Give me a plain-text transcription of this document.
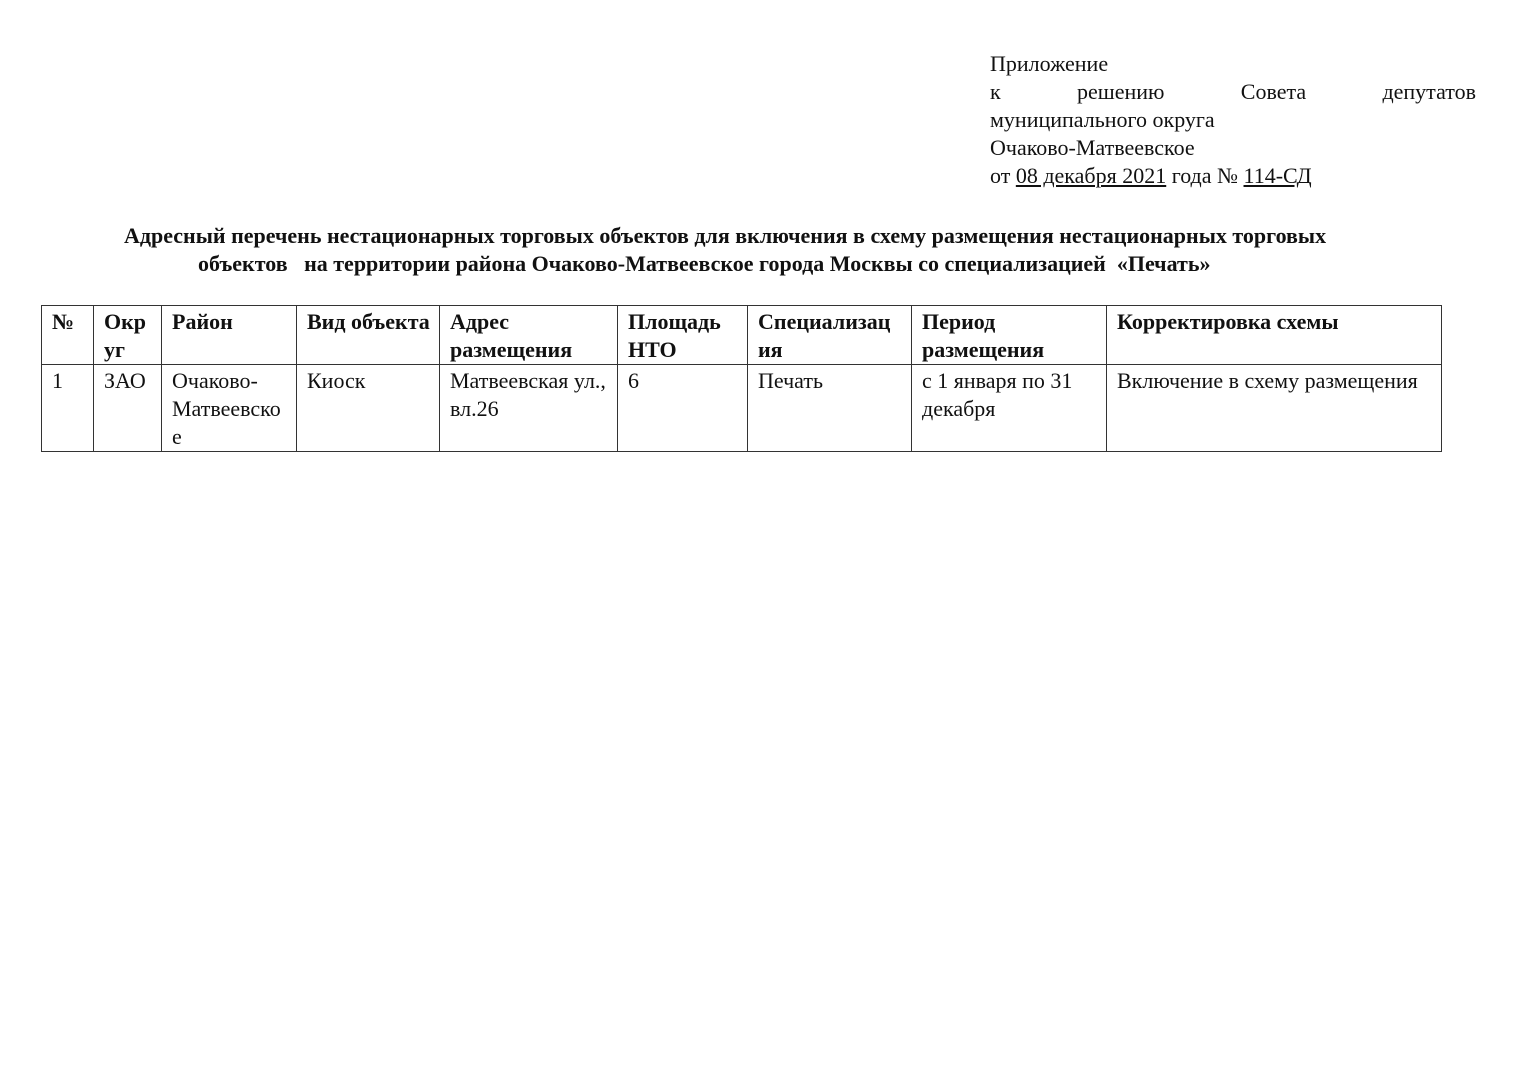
Приложение
к	решению	Совета	депутатов
муниципального округа
Очаково-Матвеевское
от 08 декабря 2021 года № 114-СД
Адресный перечень нестационарных торговых объектов для включения в схему размещения нестационарных торговых
объектов   на территории района Очаково-Матвеевское города Москвы со специализацией  «Печать»
№	Округ	Район	Вид объекта	Адрес размещения	Площадь НТО	Специализация	Период размещения	Корректировка схемы
1	ЗАО	Очаково-Матвеевское	Киоск	Матвеевская ул., вл.26	6	Печать	с 1 января по 31 декабря	Включение в схему размещения
